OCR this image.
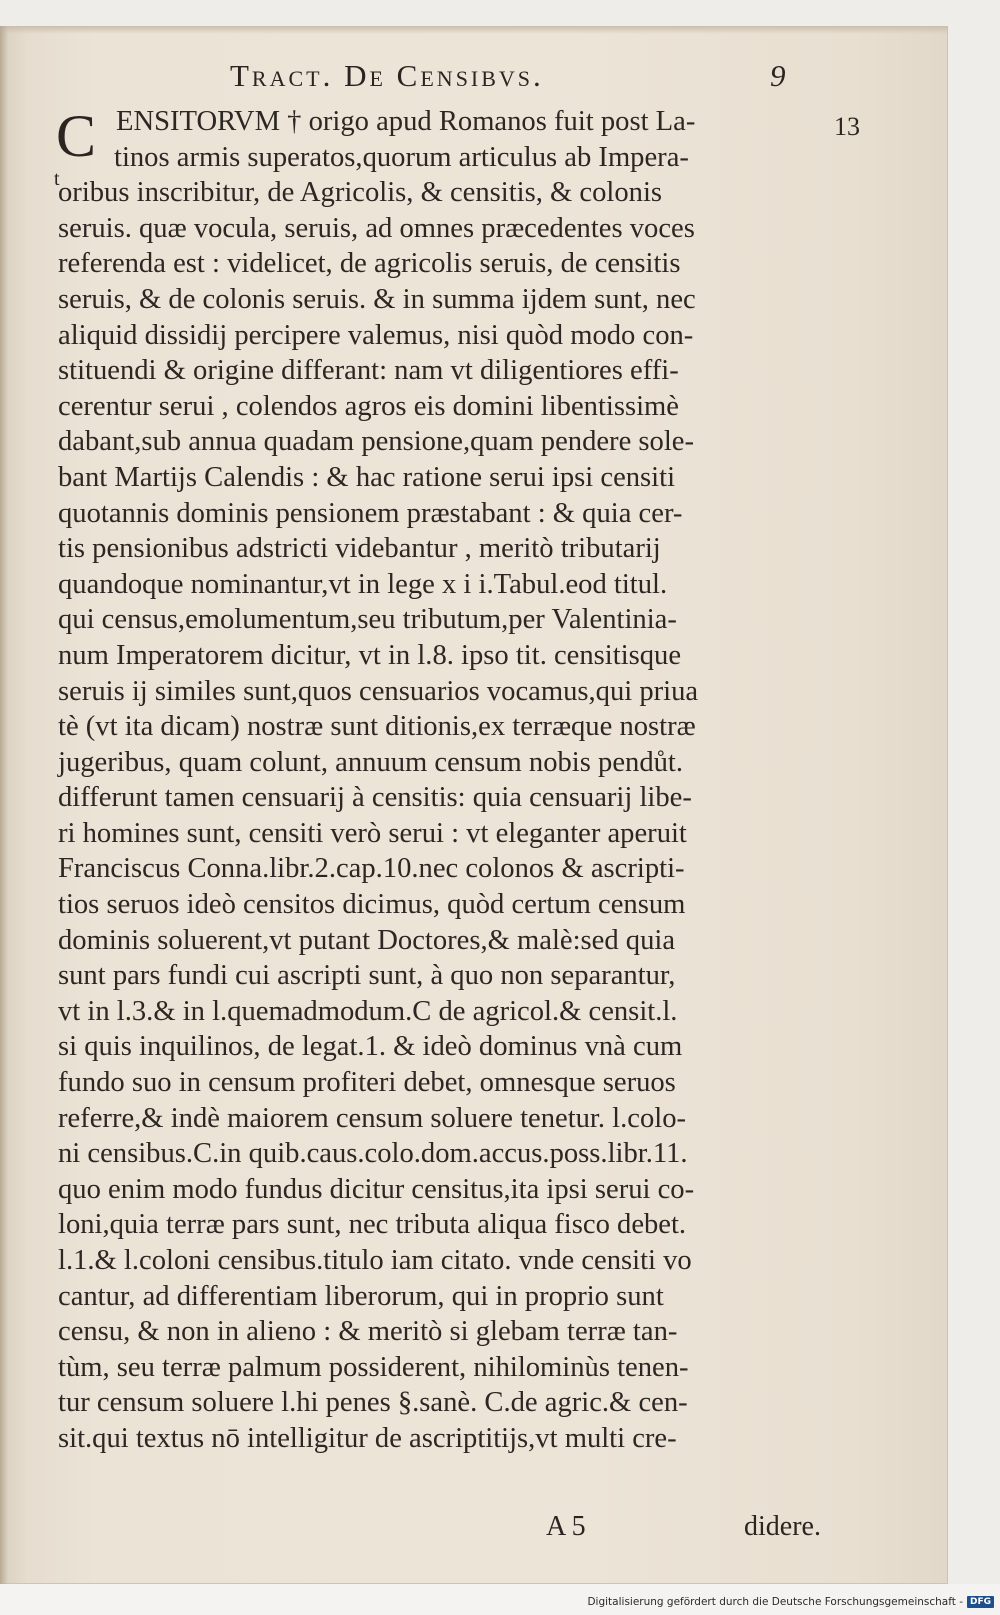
Tract. De Censibvs.	9
13
C
t
ENSITORVM † origo apud Romanos fuit post La-
tinos armis superatos,quorum articulus ab Impera-
oribus inscribitur, de Agricolis, & censitis, & colonis
seruis. quæ vocula, seruis, ad omnes præcedentes voces
referenda est : videlicet, de agricolis seruis, de censitis
seruis, & de colonis seruis. & in summa ijdem sunt, nec
aliquid dissidij percipere valemus, nisi quòd modo con-
stituendi & origine differant: nam vt diligentiores effi-
cerentur serui , colendos agros eis domini libentissimè
dabant,sub annua quadam pensione,quam pendere sole-
bant Martijs Calendis : & hac ratione serui ipsi censiti
quotannis dominis pensionem præstabant : & quia cer-
tis pensionibus adstricti videbantur , meritò tributarij
quandoque nominantur,vt in lege x i i.Tabul.eod titul.
qui census,emolumentum,seu tributum,per Valentinia-
num Imperatorem dicitur, vt in l.8. ipso tit. censitisque
seruis ij similes sunt,quos censuarios vocamus,qui priua
tè (vt ita dicam) nostræ sunt ditionis,ex terræque nostræ
jugeribus, quam colunt, annuum censum nobis pendůt.
differunt tamen censuarij à censitis: quia censuarij libe-
ri homines sunt, censiti verò serui : vt eleganter aperuit
Franciscus Conna.libr.2.cap.10.nec colonos & ascripti-
tios seruos ideò censitos dicimus, quòd certum censum
dominis soluerent,vt putant Doctores,& malè:sed quia
sunt pars fundi cui ascripti sunt, à quo non separantur,
vt in l.3.& in l.quemadmodum.C de agricol.& censit.l.
si quis inquilinos, de legat.1. & ideò dominus vnà cum
fundo suo in censum profiteri debet, omnesque seruos
referre,& indè maiorem censum soluere tenetur. l.colo-
ni censibus.C.in quib.caus.colo.dom.accus.poss.libr.11.
quo enim modo fundus dicitur censitus,ita ipsi serui co-
loni,quia terræ pars sunt, nec tributa aliqua fisco debet.
l.1.& l.coloni censibus.titulo iam citato. vnde censiti vo
cantur, ad differentiam liberorum, qui in proprio sunt
censu, & non in alieno : & meritò si glebam terræ tan-
tùm, seu terræ palmum possiderent, nihilominùs tenen-
tur censum soluere l.hi penes §.sanè. C.de agric.& cen-
sit.qui textus nō intelligitur de ascriptitijs,vt multi cre-
A 5	didere.
Digitalisierung gefördert durch die Deutsche Forschungsgemeinschaft - DFG
